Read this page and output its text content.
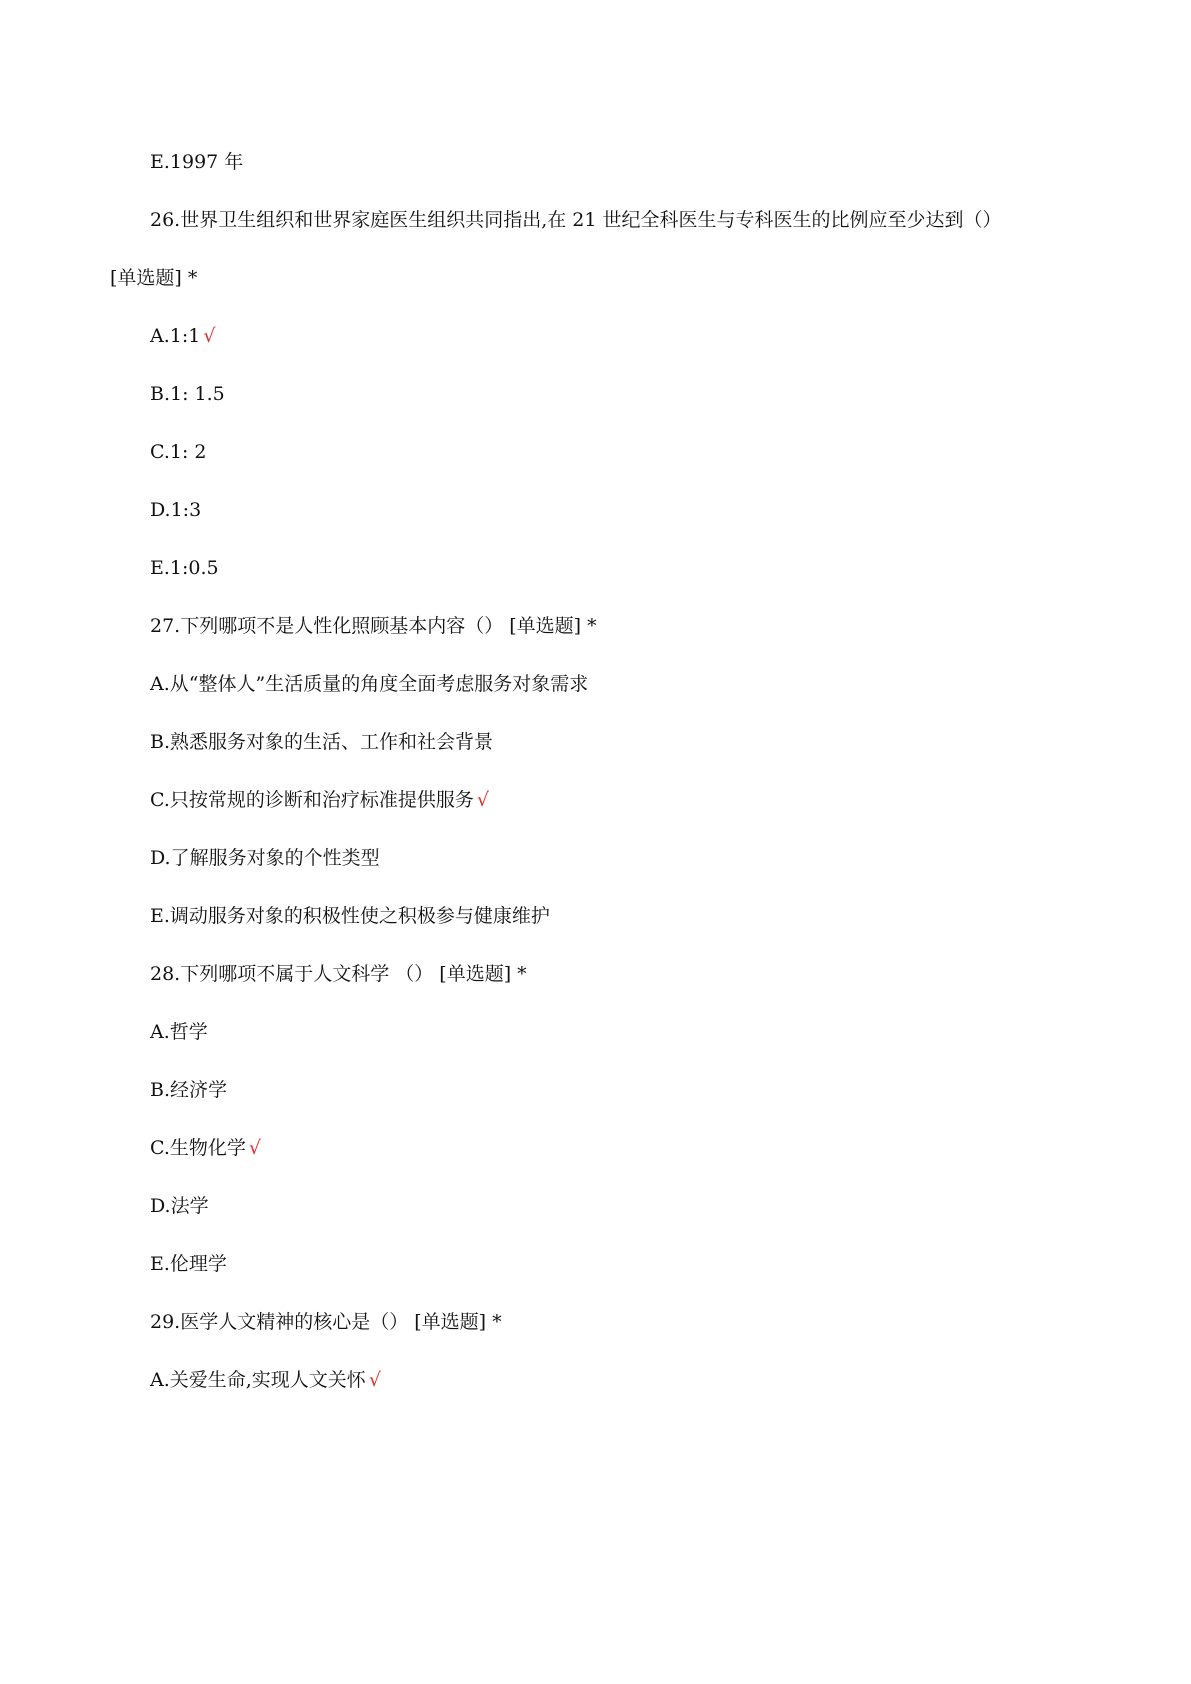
E.1997 年
26.世界卫生组织和世界家庭医生组织共同指出,在 21 世纪全科医生与专科医生的比例应至少达到（）
[单选题] *
A.1:1 √
B.1: 1.5
C.1: 2
D.1:3
E.1:0.5
27.下列哪项不是人性化照顾基本内容（） [单选题] *
A.从“整体人”生活质量的角度全面考虑服务对象需求
B.熟悉服务对象的生活、工作和社会背景
C.只按常规的诊断和治疗标准提供服务 √
D.了解服务对象的个性类型
E.调动服务对象的积极性使之积极参与健康维护
28.下列哪项不属于人文科学 （） [单选题] *
A.哲学
B.经济学
C.生物化学 √
D.法学
E.伦理学
29.医学人文精神的核心是（） [单选题] *
A.关爱生命,实现人文关怀 √
